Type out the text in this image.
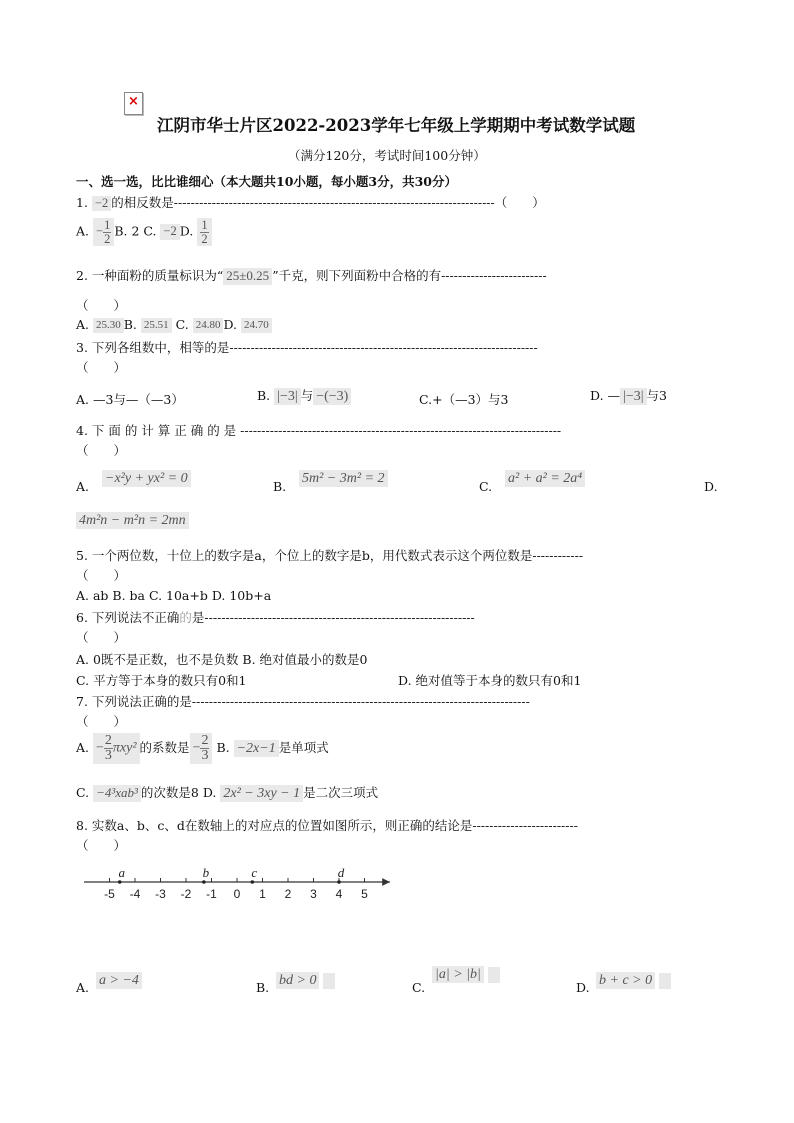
×
江阴市华士片区2022-2023学年七年级上学期期中考试数学试题
（满分120分，考试时间100分钟）
一、选一选，比比谁细心（本大题共10小题，每小题3分，共30分）
1. −2 的相反数是----------------------------------------------------------------------------（　　）
A. − $\frac{1}{2} B$. 2 C. −2 D. $\frac{1}{2}$
2. 一种面粉的质量标识为“ 25±0.25 ”千克，则下列面粉中合格的有-------------------------
（　　）
A. 25.30 B. 25.51 C. 24.80 D. 24.70
3. 下列各组数中，相等的是-------------------------------------------------------------------------
（　　）
A. —3与—（—3）	B. |−3| 与 −(−3)	C.+（—3）与3	D. — |−3| 与3
4. 下 面 的 计 算 正 确 的 是 ----------------------------------------------------------------------------
（　　）
A.
−x²y + yx² = 0
B.
5m² − 3m² = 2
C.
a² + a² = 2a⁴
D.
4m²n − m²n = 2mn
5. 一个两位数，十位上的数字是a，个位上的数字是b，用代数式表示这个两位数是------------
（　　）
A. ab B. ba C. 10a+b D. 10b+a
6. 下列说法不正确的是----------------------------------------------------------------
（　　）
A. 0既不是正数，也不是负数 B. 绝对值最小的数是0
C. 平方等于本身的数只有0和1	D. 绝对值等于本身的数只有0和1
7. 下列说法正确的是--------------------------------------------------------------------------------
（　　）
A. − $\frac{2}{3} \pi xy^2$ 的系数是 − $\frac{2}{3} B$. −2x−1 是单项式
C. −4³xab³ 的次数是8 D. 2x² − 3xy − 1 是二次三项式
8. 实数a、b、c、d在数轴上的对应点的位置如图所示，则正确的结论是-------------------------
（　　）
-5 -4 -3 -2 -1 0 1 2 3 4 5
a	b	c	d
A. a > −4	B. bd > 0	C.
|a| > |b|
D. b + c > 0
